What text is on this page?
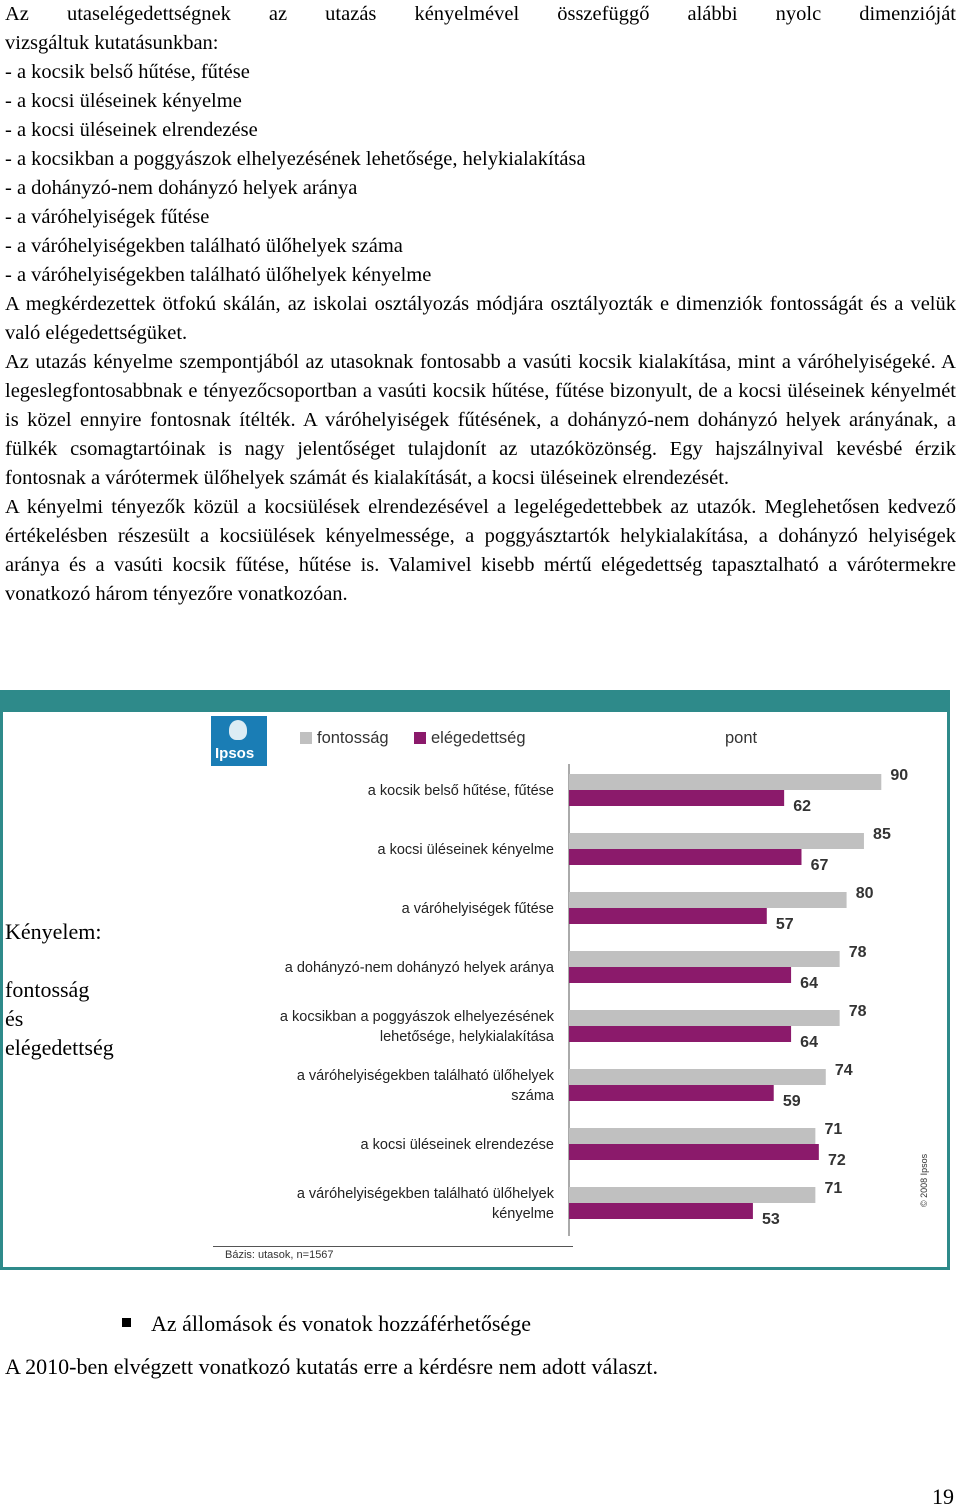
Az utaselégedettségnek az utazás kényelmével összefüggő alábbi nyolc dimenzióját

vizsgáltuk kutatásunkban:

- a kocsik belső hűtése, fűtése

- a kocsi üléseinek kényelme

- a kocsi üléseinek elrendezése

- a kocsikban a poggyászok elhelyezésének lehetősége, helykialakítása

- a dohányzó-nem dohányzó helyek aránya

- a váróhelyiségek fűtése

- a váróhelyiségekben található ülőhelyek száma

- a váróhelyiségekben található ülőhelyek kényelme

A megkérdezettek ötfokú skálán, az iskolai osztályozás módjára osztályozták e dimenziók fontosságát és a velük való elégedettségüket.

Az utazás kényelme szempontjából az utasoknak fontosabb a vasúti kocsik kialakítása, mint a váróhelyiségeké. A legeslegfontosabbnak e tényezőcsoportban a vasúti kocsik hűtése, fűtése bizonyult, de a kocsi üléseinek kényelmét is közel ennyire fontosnak ítélték. A váróhelyiségek fűtésének, a dohányzó-nem dohányzó helyek arányának, a fülkék csomagtartóinak is nagy jelentőséget tulajdonít az utazóközönség. Egy hajszálnyival kevésbé érzik fontosnak a várótermek ülőhelyek számát és kialakítását, a kocsi üléseinek elrendezését.

A kényelmi tényezők közül a kocsiülések elrendezésével a legelégedettebbek az utazók. Meglehetősen kedvező értékelésben részesült a kocsiülések kényelmessége, a poggyásztartók helykialakítása, a dohányzó helyiségek aránya és a vasúti kocsik fűtése, hűtése is. Valamivel kisebb mértű elégedettség tapasztalható a várótermekre vonatkozó három tényezőre vonatkozóan.

Ipsos
fontosság	elégedettség	pont
Kényelem:
fontosság
és
elégedettség
90
62
a kocsik belső hűtése, fűtése
85
67
a kocsi üléseinek kényelme
80
57
a váróhelyiségek fűtése
78
64
a dohányzó-nem dohányzó helyek aránya
78
64
a kocsikban a poggyászok elhelyezésének
lehetősége, helykialakítása
74
59
a váróhelyiségekben található ülőhelyek
száma
71
72
a kocsi üléseinek elrendezése
71
53
a váróhelyiségekben található ülőhelyek
kényelme
Bázis: utasok, n=1567
© 2008 Ipsos
Az állomások és vonatok hozzáférhetősége
A 2010-ben elvégzett vonatkozó kutatás erre a kérdésre nem adott választ.
19
